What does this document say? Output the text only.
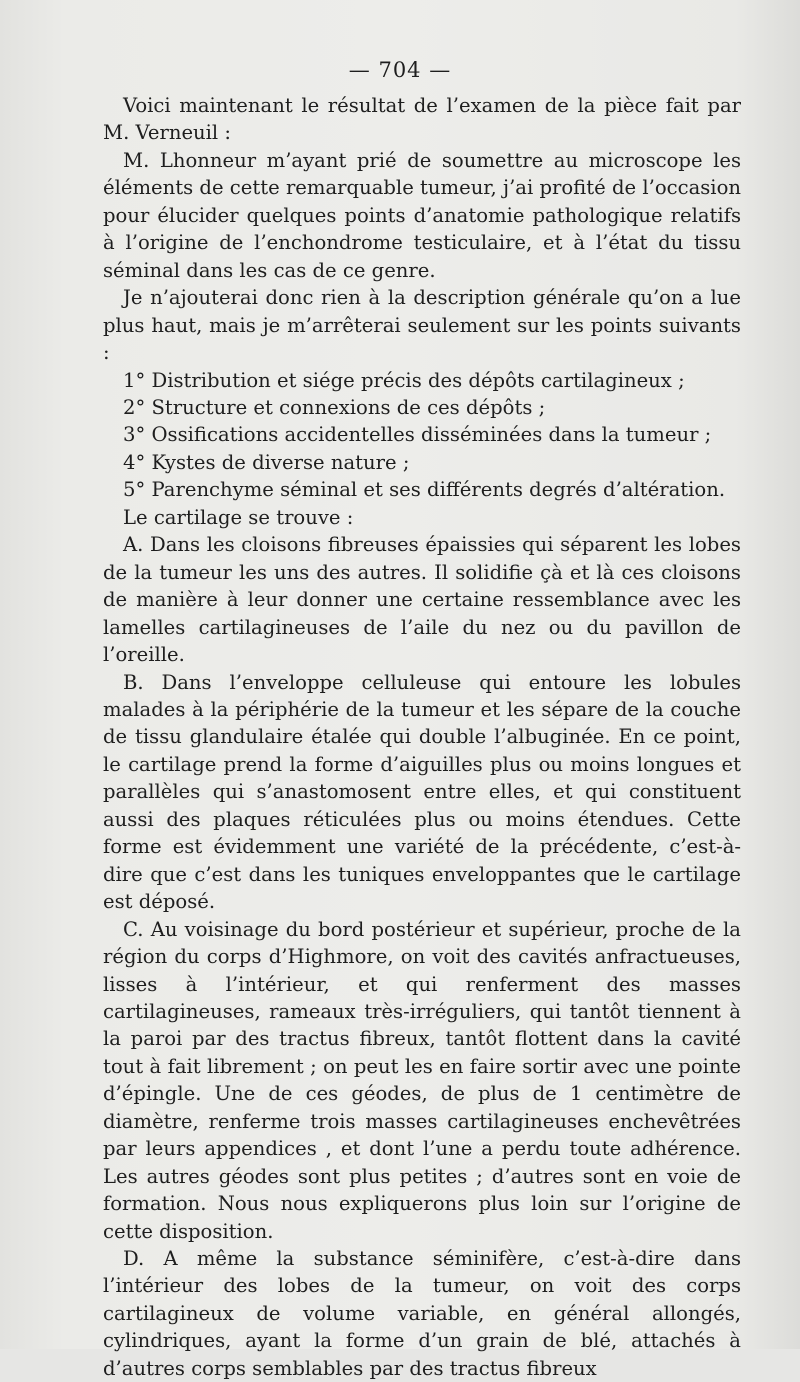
— 704 —

Voici maintenant le résultat de l’examen de la pièce fait par M. Verneuil :

M. Lhonneur m’ayant prié de soumettre au microscope les éléments de cette remarquable tumeur, j’ai profité de l’occasion pour élucider quelques points d’anatomie pathologique relatifs à l’origine de l’enchondrome testiculaire, et à l’état du tissu séminal dans les cas de ce genre.

Je n’ajouterai donc rien à la description générale qu’on a lue plus haut, mais je m’arrêterai seulement sur les points suivants :

1° Distribution et siége précis des dépôts cartilagineux ;

2° Structure et connexions de ces dépôts ;

3° Ossifications accidentelles disséminées dans la tumeur ;

4° Kystes de diverse nature ;

5° Parenchyme séminal et ses différents degrés d’altération.

Le cartilage se trouve :

A. Dans les cloisons fibreuses épaissies qui séparent les lobes de la tumeur les uns des autres. Il solidifie çà et là ces cloisons de manière à leur donner une certaine ressemblance avec les lamelles cartilagineuses de l’aile du nez ou du pavillon de l’oreille.

B. Dans l’enveloppe celluleuse qui entoure les lobules malades à la périphérie de la tumeur et les sépare de la couche de tissu glandulaire étalée qui double l’albuginée. En ce point, le cartilage prend la forme d’aiguilles plus ou moins longues et parallèles qui s’anastomosent entre elles, et qui constituent aussi des plaques réticulées plus ou moins étendues. Cette forme est évidemment une variété de la précédente, c’est-à-dire que c’est dans les tuniques enveloppantes que le cartilage est déposé.

C. Au voisinage du bord postérieur et supérieur, proche de la région du corps d’Highmore, on voit des cavités anfractueuses, lisses à l’intérieur, et qui renferment des masses cartilagineuses, rameaux très-irréguliers, qui tantôt tiennent à la paroi par des tractus fibreux, tantôt flottent dans la cavité tout à fait librement ; on peut les en faire sortir avec une pointe d’épingle. Une de ces géodes, de plus de 1 centimètre de diamètre, renferme trois masses cartilagineuses enchevêtrées par leurs appendices , et dont l’une a perdu toute adhérence. Les autres géodes sont plus petites ; d’autres sont en voie de formation. Nous nous expliquerons plus loin sur l’origine de cette disposition.

D. A même la substance séminifère, c’est-à-dire dans l’intérieur des lobes de la tumeur, on voit des corps cartilagineux de volume variable, en général allongés, cylindriques, ayant la forme d’un grain de blé, attachés à d’autres corps semblables par des tractus fibreux
